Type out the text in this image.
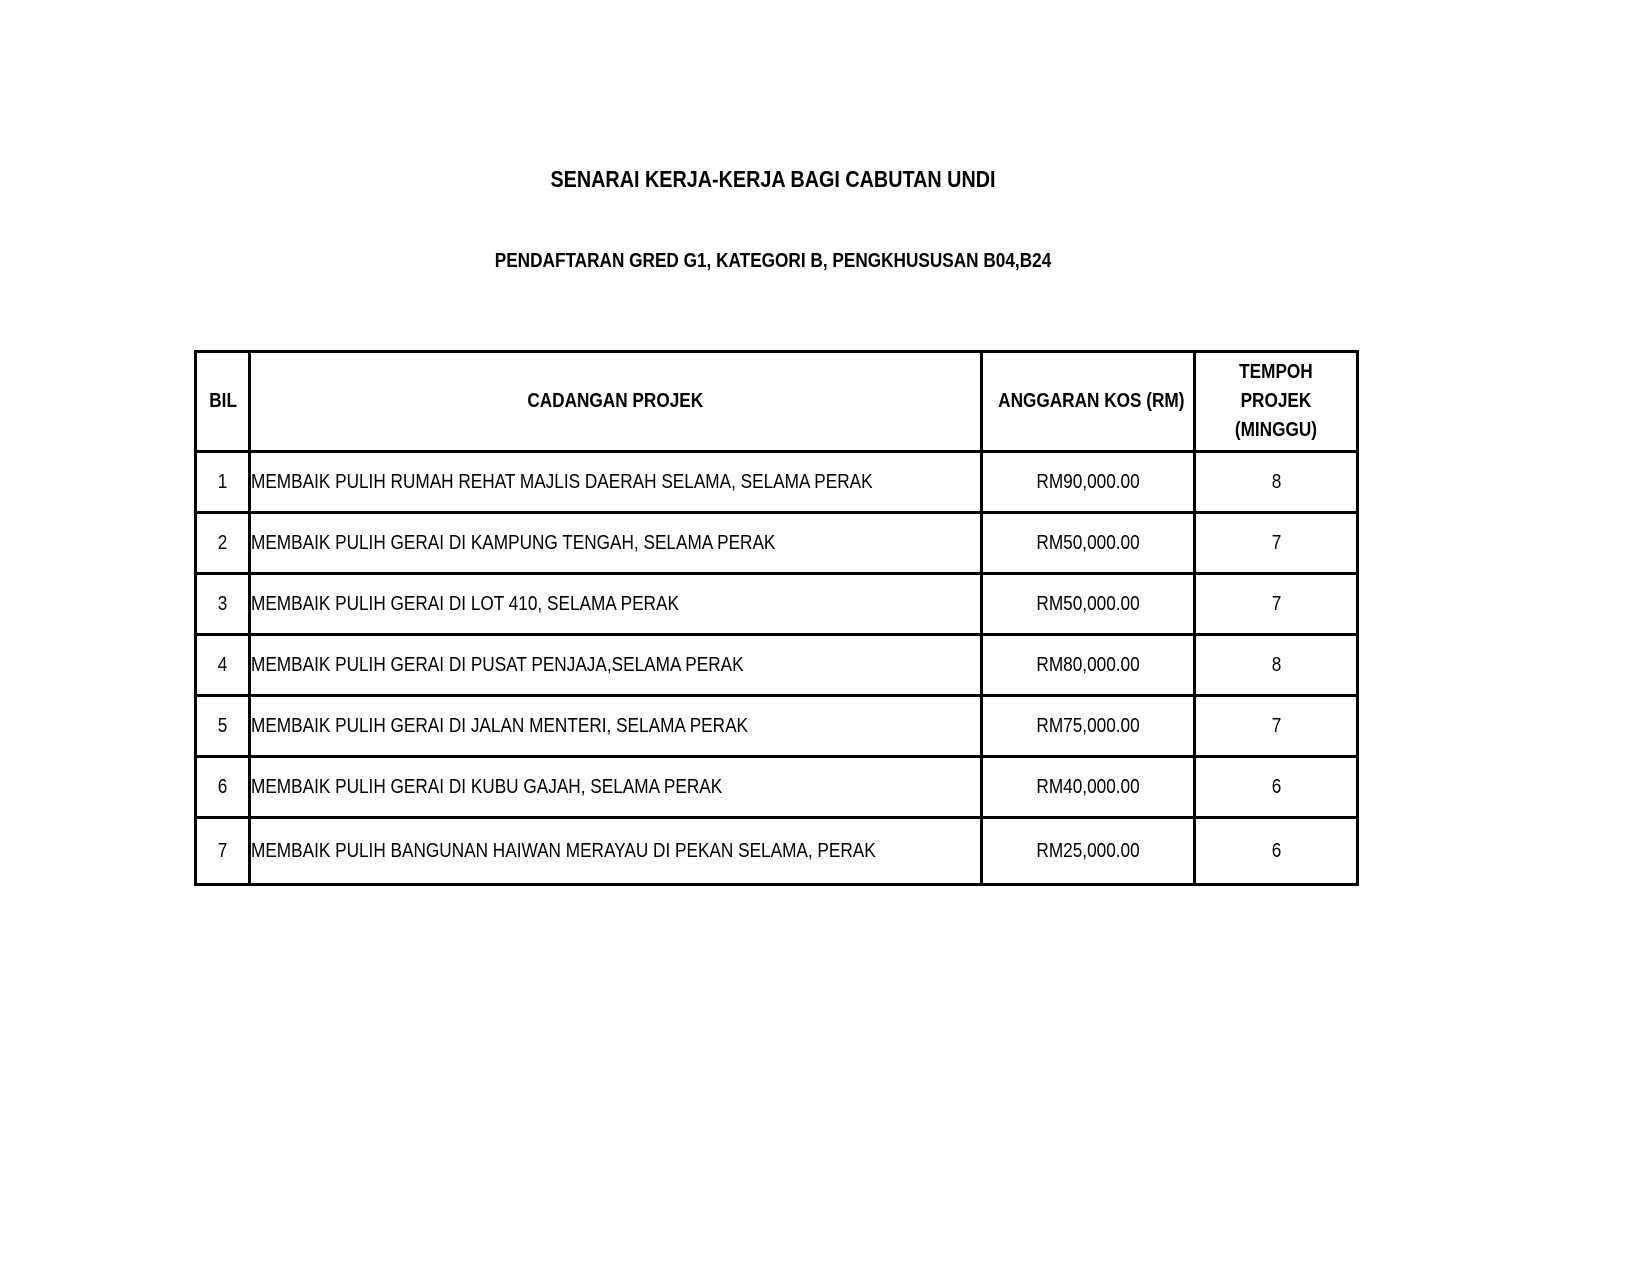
SENARAI KERJA-KERJA BAGI CABUTAN UNDI
PENDAFTARAN GRED G1, KATEGORI B, PENGKHUSUSAN B04,B24
BIL	CADANGAN PROJEK	ANGGARAN KOS (RM)	TEMPOH
PROJEK
(MINGGU)

1	MEMBAIK PULIH RUMAH REHAT MAJLIS DAERAH SELAMA, SELAMA PERAK	RM90,000.00	8
2	MEMBAIK PULIH GERAI DI KAMPUNG TENGAH, SELAMA PERAK	RM50,000.00	7
3	MEMBAIK PULIH GERAI DI LOT 410, SELAMA PERAK	RM50,000.00	7
4	MEMBAIK PULIH GERAI DI PUSAT PENJAJA,SELAMA PERAK	RM80,000.00	8
5	MEMBAIK PULIH GERAI DI JALAN MENTERI, SELAMA PERAK	RM75,000.00	7
6	MEMBAIK PULIH GERAI DI KUBU GAJAH, SELAMA PERAK	RM40,000.00	6
7	MEMBAIK PULIH BANGUNAN HAIWAN MERAYAU DI PEKAN SELAMA, PERAK	RM25,000.00	6
